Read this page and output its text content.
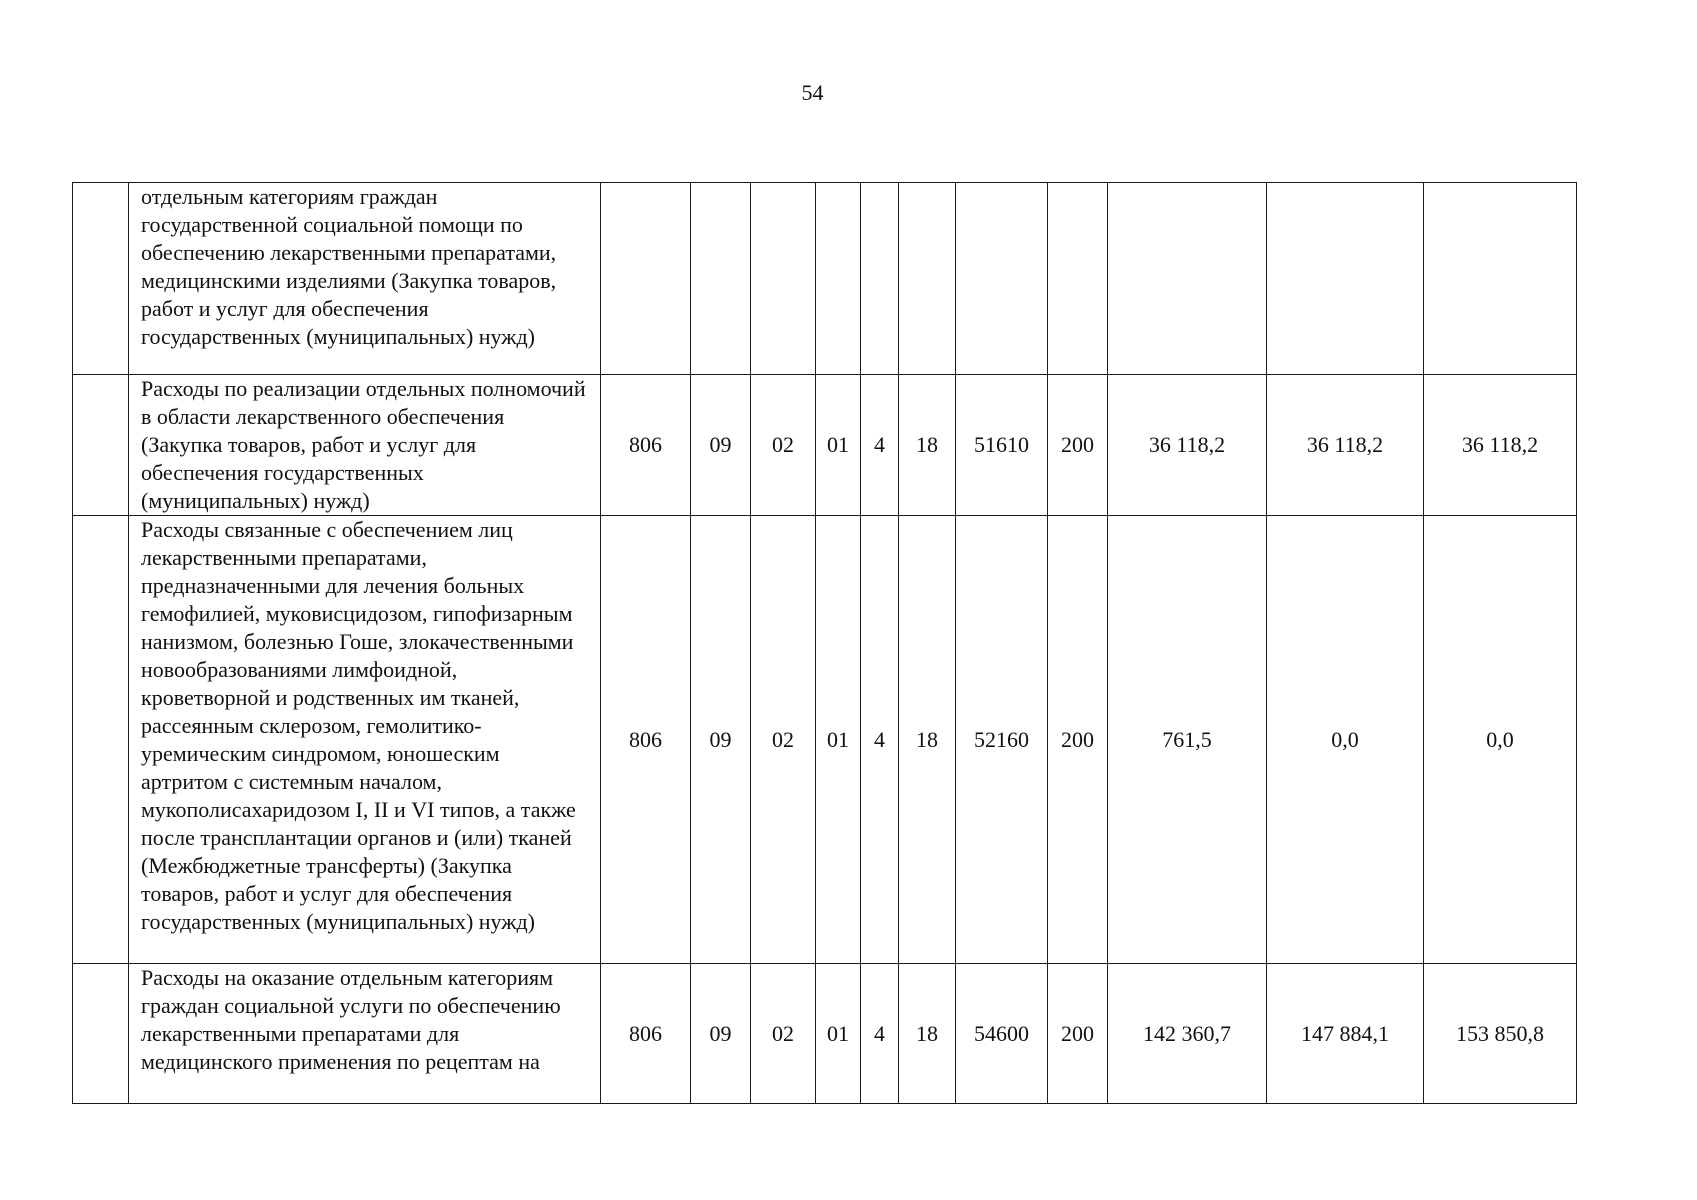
54
	отдельным категориям граждан государственной социальной помощи по обеспечению лекарственными препаратами, медицинскими изделиями (Закупка товаров, работ и услуг для обеспечения государственных (муниципальных) нужд)											
	Расходы по реализации отдельных полномочий в области лекарственного обеспечения (Закупка товаров, работ и услуг для обеспечения государственных (муниципальных) нужд)	806	09	02	01	4	18	51610	200	36 118,2	36 118,2	36 118,2
	Расходы связанные с обеспечением лиц лекарственными препаратами, предназначенными для лечения больных гемофилией, муковисцидозом, гипофизарным нанизмом, болезнью Гоше, злокачественными новообразованиями лимфоидной, кроветворной и родственных им тканей, рассеянным склерозом, гемолитико-уремическим синдромом, юношеским артритом с системным началом, мукополисахаридозом I, II и VI типов, а также после трансплантации органов и (или) тканей (Межбюджетные трансферты) (Закупка товаров, работ и услуг для обеспечения государственных (муниципальных) нужд)	806	09	02	01	4	18	52160	200	761,5	0,0	0,0
	Расходы на оказание отдельным категориям граждан социальной услуги по обеспечению лекарственными препаратами для медицинского применения по рецептам на	806	09	02	01	4	18	54600	200	142 360,7	147 884,1	153 850,8
